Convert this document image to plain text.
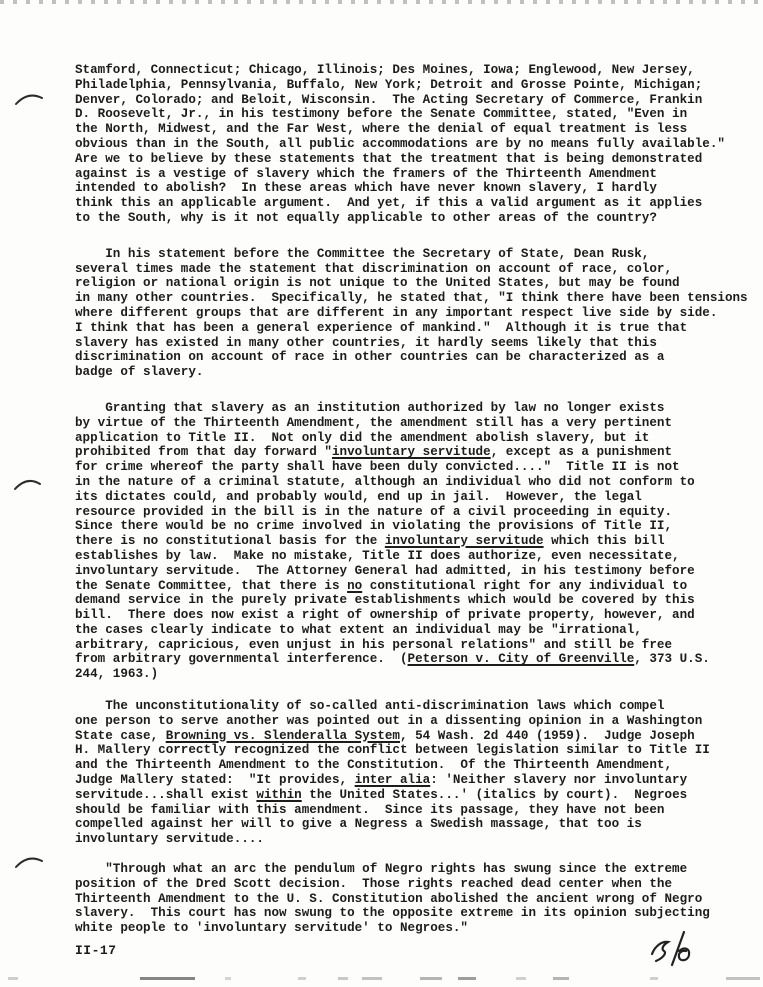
Stamford, Connecticut; Chicago, Illinois; Des Moines, Iowa; Englewood, New Jersey,
Philadelphia, Pennsylvania, Buffalo, New York; Detroit and Grosse Pointe, Michigan;
Denver, Colorado; and Beloit, Wisconsin.  The Acting Secretary of Commerce, Frankin
D. Roosevelt, Jr., in his testimony before the Senate Committee, stated, "Even in
the North, Midwest, and the Far West, where the denial of equal treatment is less
obvious than in the South, all public accommodations are by no means fully available."
Are we to believe by these statements that the treatment that is being demonstrated
against is a vestige of slavery which the framers of the Thirteenth Amendment
intended to abolish?  In these areas which have never known slavery, I hardly
think this an applicable argument.  And yet, if this a valid argument as it applies
to the South, why is it not equally applicable to other areas of the country?
In his statement before the Committee the Secretary of State, Dean Rusk,
several times made the statement that discrimination on account of race, color,
religion or national origin is not unique to the United States, but may be found
in many other countries.  Specifically, he stated that, "I think there have been tensions
where different groups that are different in any important respect live side by side.
I think that has been a general experience of mankind."  Although it is true that
slavery has existed in many other countries, it hardly seems likely that this
discrimination on account of race in other countries can be characterized as a
badge of slavery.
Granting that slavery as an institution authorized by law no longer exists
by virtue of the Thirteenth Amendment, the amendment still has a very pertinent
application to Title II.  Not only did the amendment abolish slavery, but it
prohibited from that day forward "involuntary servitude, except as a punishment
for crime whereof the party shall have been duly convicted...."  Title II is not
in the nature of a criminal statute, although an individual who did not conform to
its dictates could, and probably would, end up in jail.  However, the legal
resource provided in the bill is in the nature of a civil proceeding in equity.
Since there would be no crime involved in violating the provisions of Title II,
there is no constitutional basis for the involuntary servitude which this bill
establishes by law.  Make no mistake, Title II does authorize, even necessitate,
involuntary servitude.  The Attorney General had admitted, in his testimony before
the Senate Committee, that there is no constitutional right for any individual to
demand service in the purely private establishments which would be covered by this
bill.  There does now exist a right of ownership of private property, however, and
the cases clearly indicate to what extent an individual may be "irrational,
arbitrary, capricious, even unjust in his personal relations" and still be free
from arbitrary governmental interference.  (Peterson v. City of Greenville, 373 U.S.
244, 1963.)
The unconstitutionality of so-called anti-discrimination laws which compel
one person to serve another was pointed out in a dissenting opinion in a Washington
State case, Browning vs. Slenderalla System, 54 Wash. 2d 440 (1959).  Judge Joseph
H. Mallery correctly recognized the conflict between legislation similar to Title II
and the Thirteenth Amendment to the Constitution.  Of the Thirteenth Amendment,
Judge Mallery stated:  "It provides, inter alia: 'Neither slavery nor involuntary
servitude...shall exist within the United States...' (italics by court).  Negroes
should be familiar with this amendment.  Since its passage, they have not been
compelled against her will to give a Negress a Swedish massage, that too is
involuntary servitude....
"Through what an arc the pendulum of Negro rights has swung since the extreme
position of the Dred Scott decision.  Those rights reached dead center when the
Thirteenth Amendment to the U. S. Constitution abolished the ancient wrong of Negro
slavery.  This court has now swung to the opposite extreme in its opinion subjecting
white people to 'involuntary servitude' to Negroes."
II-17
